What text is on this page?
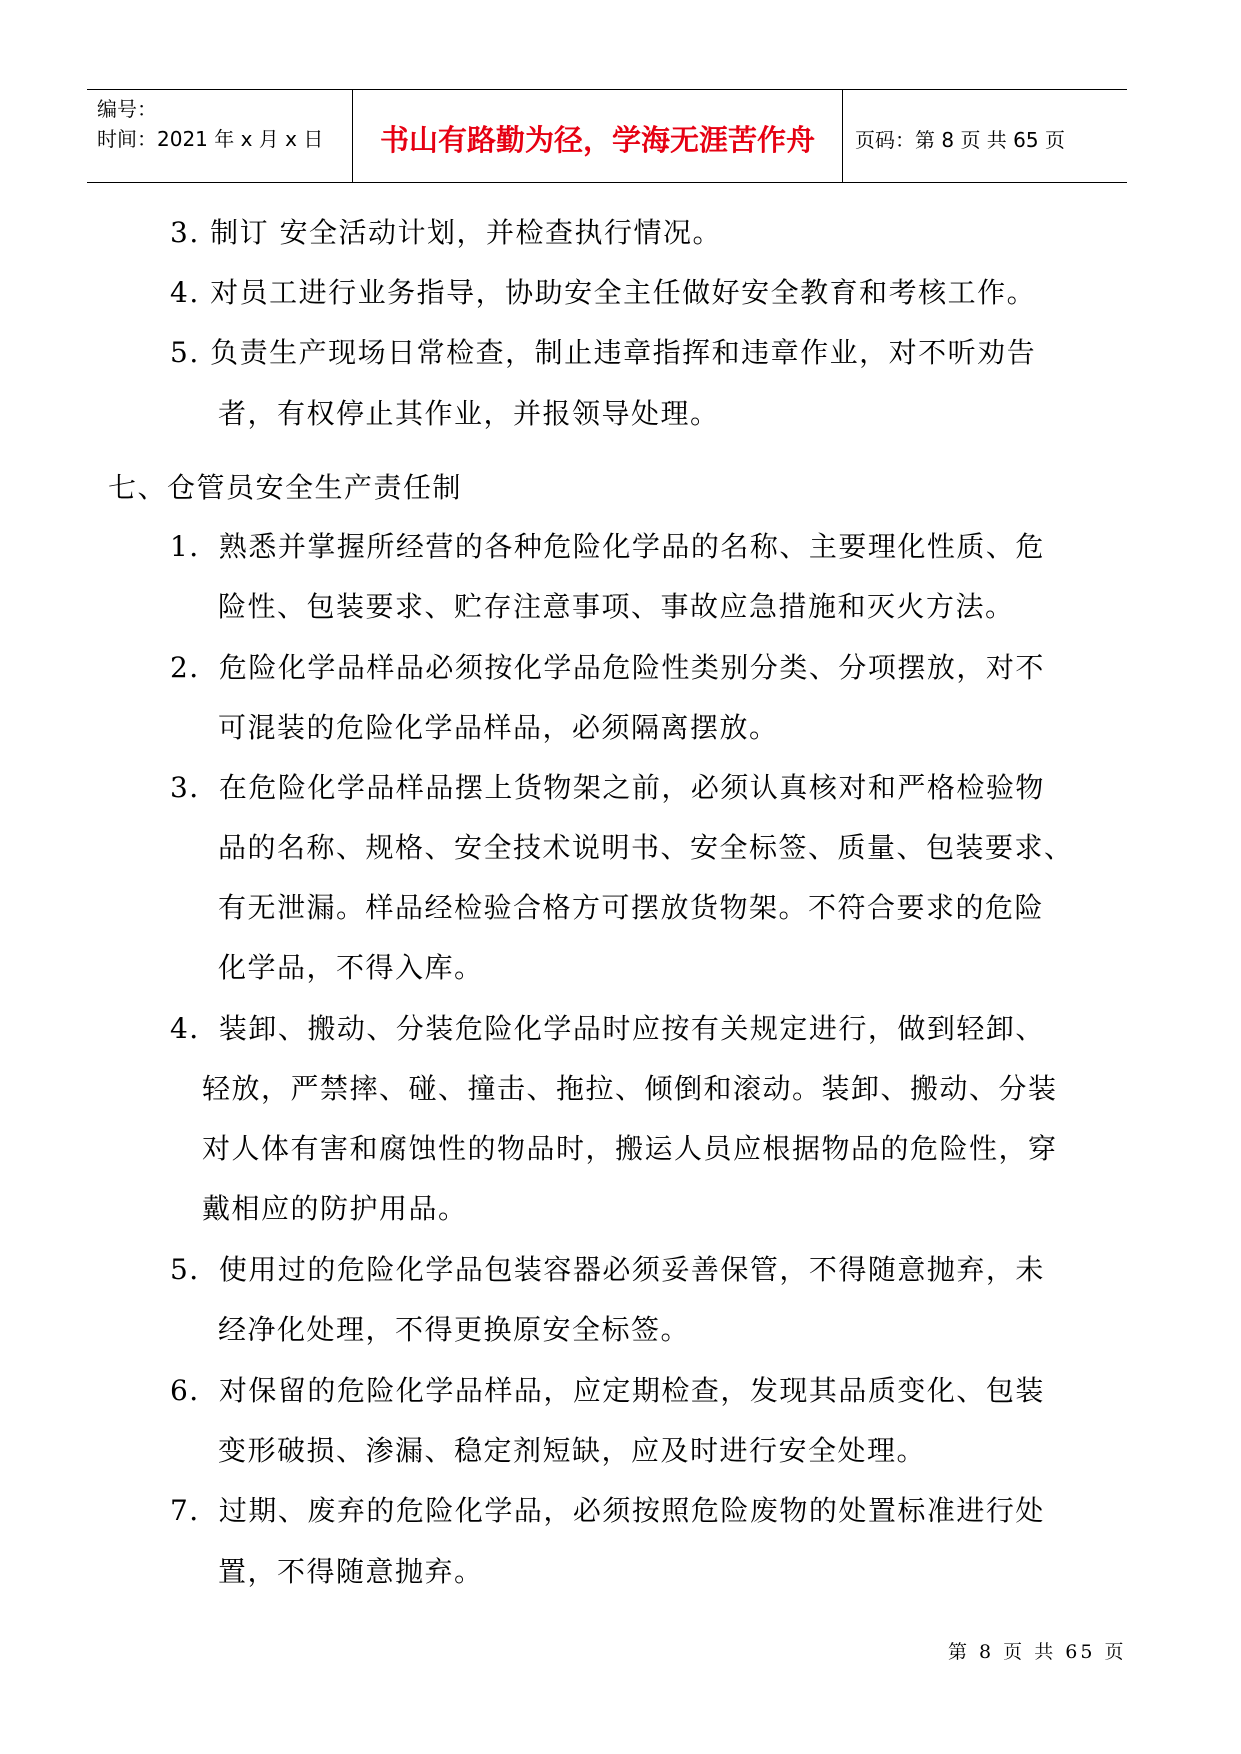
编号：
时间：2021 年 x 月 x 日	书山有路勤为径，学海无涯苦作舟 页码：第 8 页 共 65 页
3. 制订 安全活动计划，并检查执行情况。
4. 对员工进行业务指导，协助安全主任做好安全教育和考核工作。
5. 负责生产现场日常检查，制止违章指挥和违章作业，对不听劝告
者，有权停止其作业，并报领导处理。
七、仓管员安全生产责任制
1．熟悉并掌握所经营的各种危险化学品的名称、主要理化性质、危
险性、包装要求、贮存注意事项、事故应急措施和灭火方法。
2．危险化学品样品必须按化学品危险性类别分类、分项摆放，对不
可混装的危险化学品样品，必须隔离摆放。
3．在危险化学品样品摆上货物架之前，必须认真核对和严格检验物
品的名称、规格、安全技术说明书、安全标签、质量、包装要求、
有无泄漏。样品经检验合格方可摆放货物架。不符合要求的危险
化学品，不得入库。
4．装卸、搬动、分装危险化学品时应按有关规定进行，做到轻卸、
轻放，严禁摔、碰、撞击、拖拉、倾倒和滚动。装卸、搬动、分装
对人体有害和腐蚀性的物品时，搬运人员应根据物品的危险性，穿
戴相应的防护用品。
5．使用过的危险化学品包装容器必须妥善保管，不得随意抛弃，未
经净化处理，不得更换原安全标签。
6．对保留的危险化学品样品，应定期检查，发现其品质变化、包装
变形破损、渗漏、稳定剂短缺，应及时进行安全处理。
7．过期、废弃的危险化学品，必须按照危险废物的处置标准进行处
置，不得随意抛弃。
第 8 页 共 65 页
